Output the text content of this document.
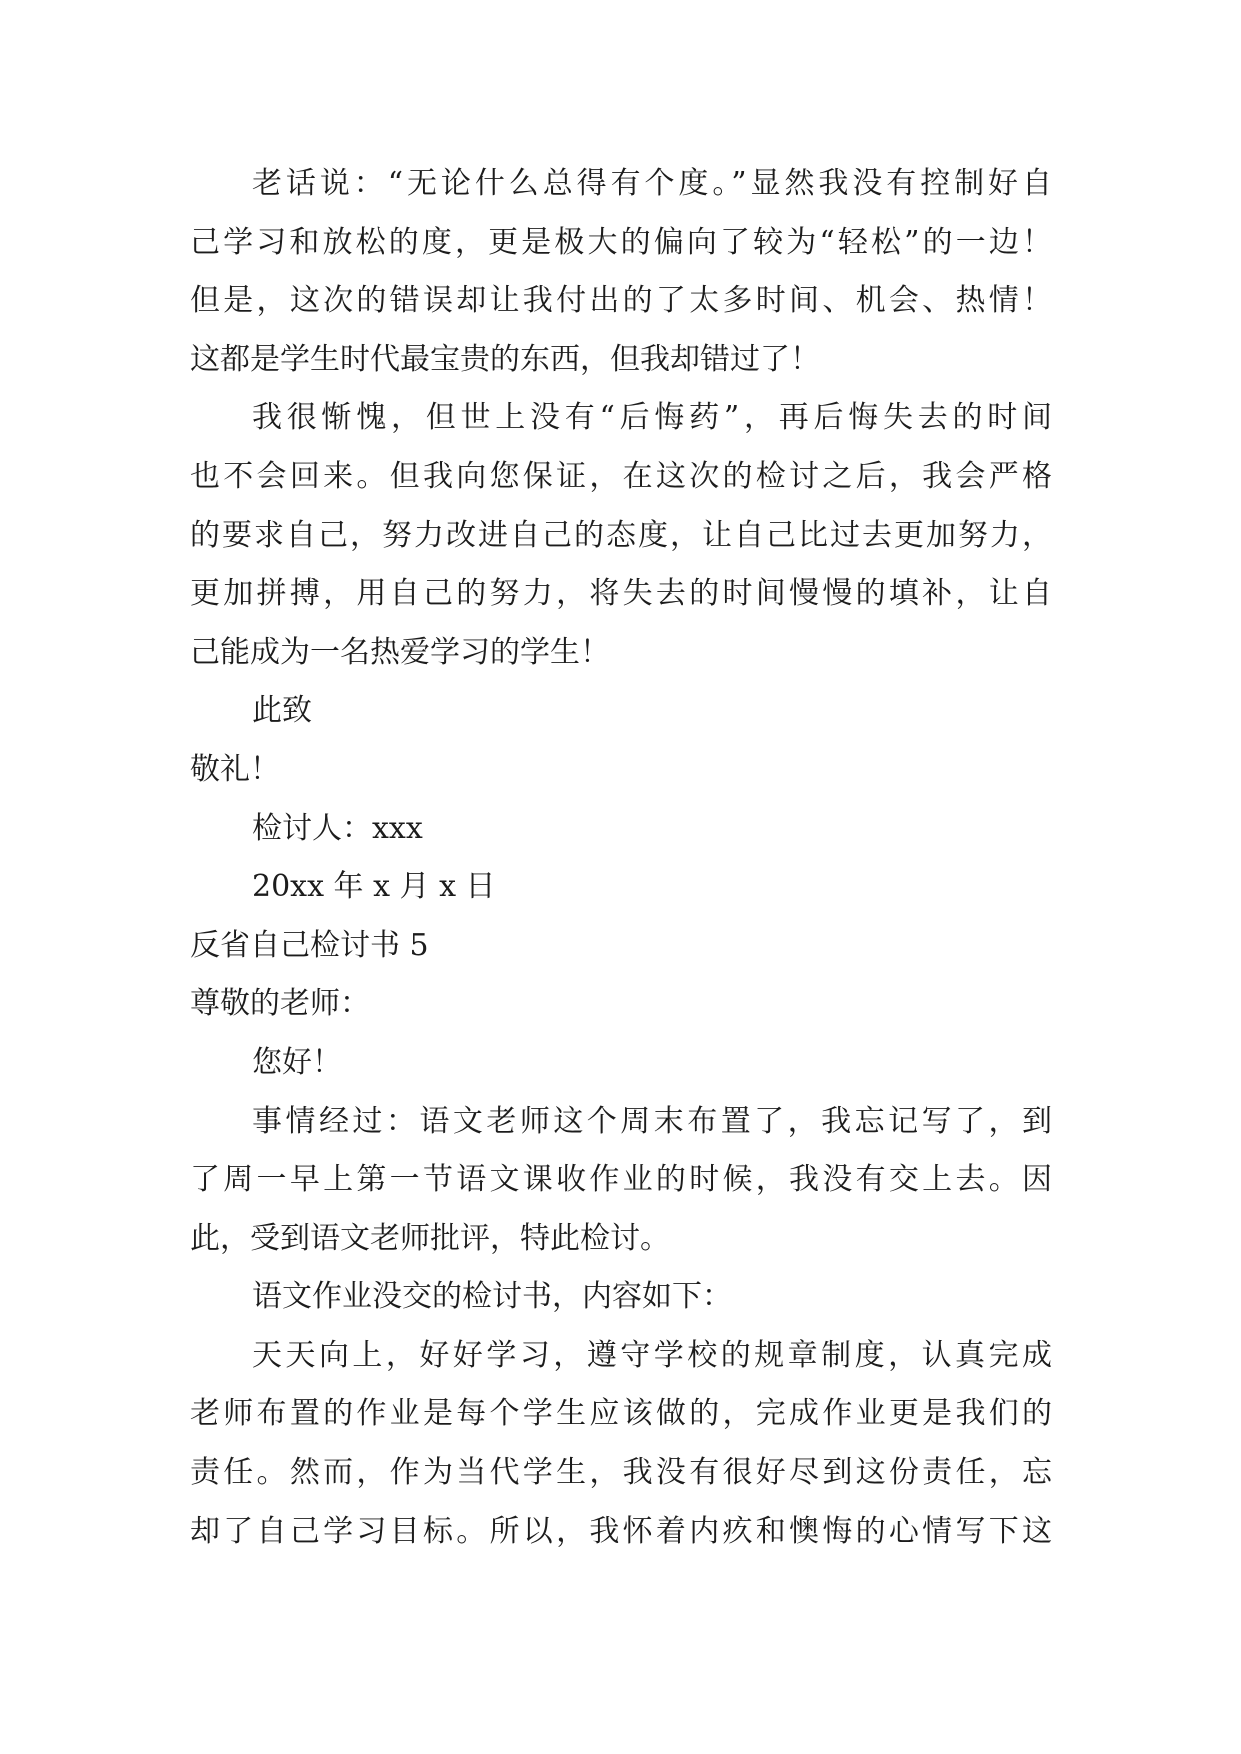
老话说：“无论什么总得有个度。”显然我没有控制好自
己学习和放松的度，更是极大的偏向了较为“轻松”的一边！
但是，这次的错误却让我付出的了太多时间、机会、热情！
这都是学生时代最宝贵的东西，但我却错过了！
我很惭愧，但世上没有“后悔药”，再后悔失去的时间
也不会回来。但我向您保证，在这次的检讨之后，我会严格
的要求自己，努力改进自己的态度，让自己比过去更加努力，
更加拼搏，用自己的努力，将失去的时间慢慢的填补，让自
己能成为一名热爱学习的学生！
此致
敬礼！
检讨人：xxx
20xx 年 x 月 x 日
反省自己检讨书 5
尊敬的老师：
您好！
事情经过：语文老师这个周末布置了，我忘记写了，到
了周一早上第一节语文课收作业的时候，我没有交上去。因
此，受到语文老师批评，特此检讨。
语文作业没交的检讨书，内容如下：
天天向上，好好学习，遵守学校的规章制度，认真完成
老师布置的作业是每个学生应该做的，完成作业更是我们的
责任。然而，作为当代学生，我没有很好尽到这份责任，忘
却了自己学习目标。所以，我怀着内疚和懊悔的心情写下这
